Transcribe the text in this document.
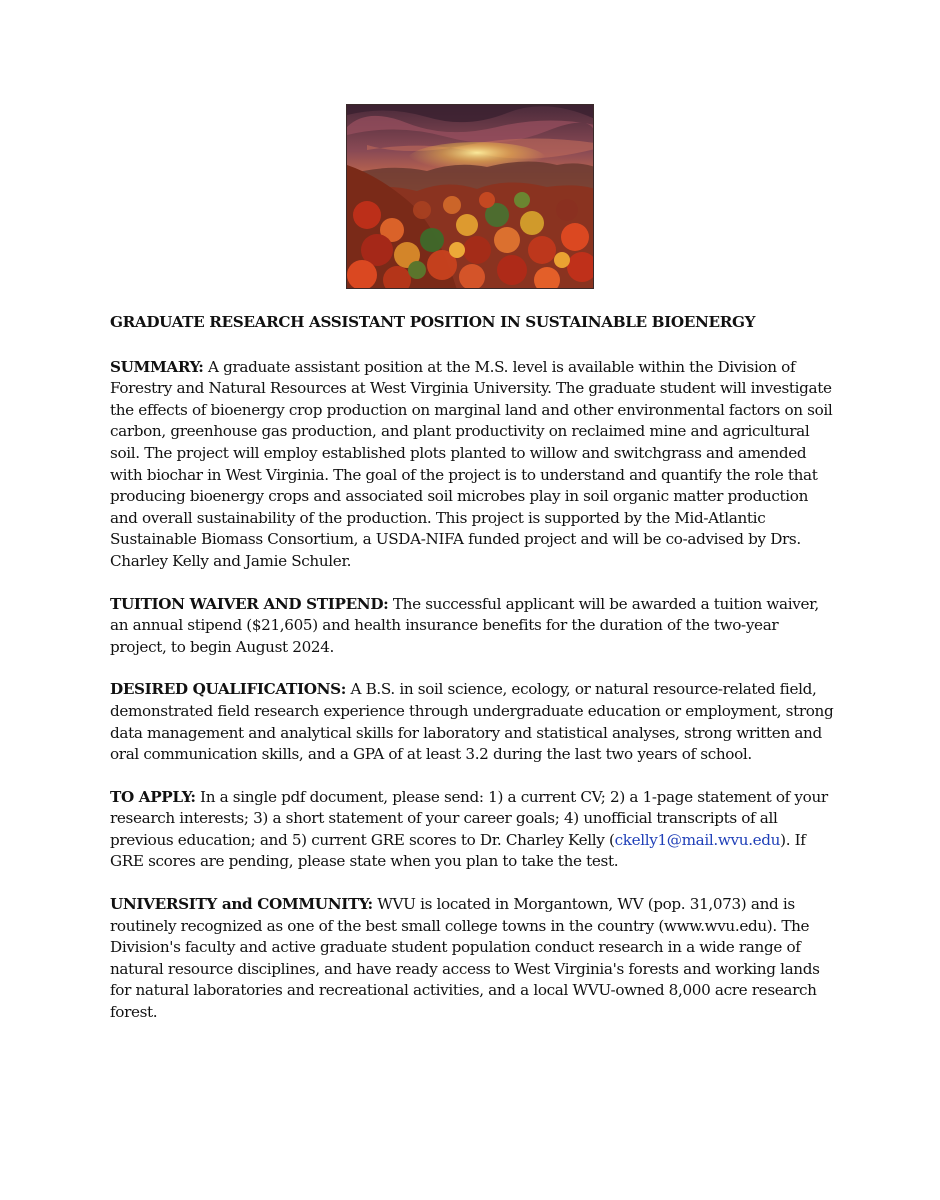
GRADUATE RESEARCH ASSISTANT POSITION IN SUSTAINABLE BIOENERGY

SUMMARY: A graduate assistant position at the M.S. level is available within the Division of Forestry and Natural Resources at West Virginia University. The graduate student will investigate the effects of bioenergy crop production on marginal land and other environmental factors on soil carbon, greenhouse gas production, and plant productivity on reclaimed mine and agricultural soil. The project will employ established plots planted to willow and switchgrass and amended with biochar in West Virginia. The goal of the project is to understand and quantify the role that producing bioenergy crops and associated soil microbes play in soil organic matter production and overall sustainability of the production. This project is supported by the Mid-Atlantic Sustainable Biomass Consortium, a USDA-NIFA funded project and will be co-advised by Drs. Charley Kelly and Jamie Schuler.

TUITION WAIVER AND STIPEND: The successful applicant will be awarded a tuition waiver, an annual stipend ($21,605) and health insurance benefits for the duration of the two-year project, to begin August 2024.

DESIRED QUALIFICATIONS: A B.S. in soil science, ecology, or natural resource-related field, demonstrated field research experience through undergraduate education or employment, strong data management and analytical skills for laboratory and statistical analyses, strong written and oral communication skills, and a GPA of at least 3.2 during the last two years of school.

TO APPLY: In a single pdf document, please send: 1) a current CV; 2) a 1-page statement of your research interests; 3) a short statement of your career goals; 4) unofficial transcripts of all previous education; and 5) current GRE scores to Dr. Charley Kelly (ckelly1@mail.wvu.edu). If GRE scores are pending, please state when you plan to take the test.

UNIVERSITY and COMMUNITY: WVU is located in Morgantown, WV (pop. 31,073) and is routinely recognized as one of the best small college towns in the country (www.wvu.edu). The Division's faculty and active graduate student population conduct research in a wide range of natural resource disciplines, and have ready access to West Virginia's forests and working lands for natural laboratories and recreational activities, and a local WVU-owned 8,000 acre research forest.
